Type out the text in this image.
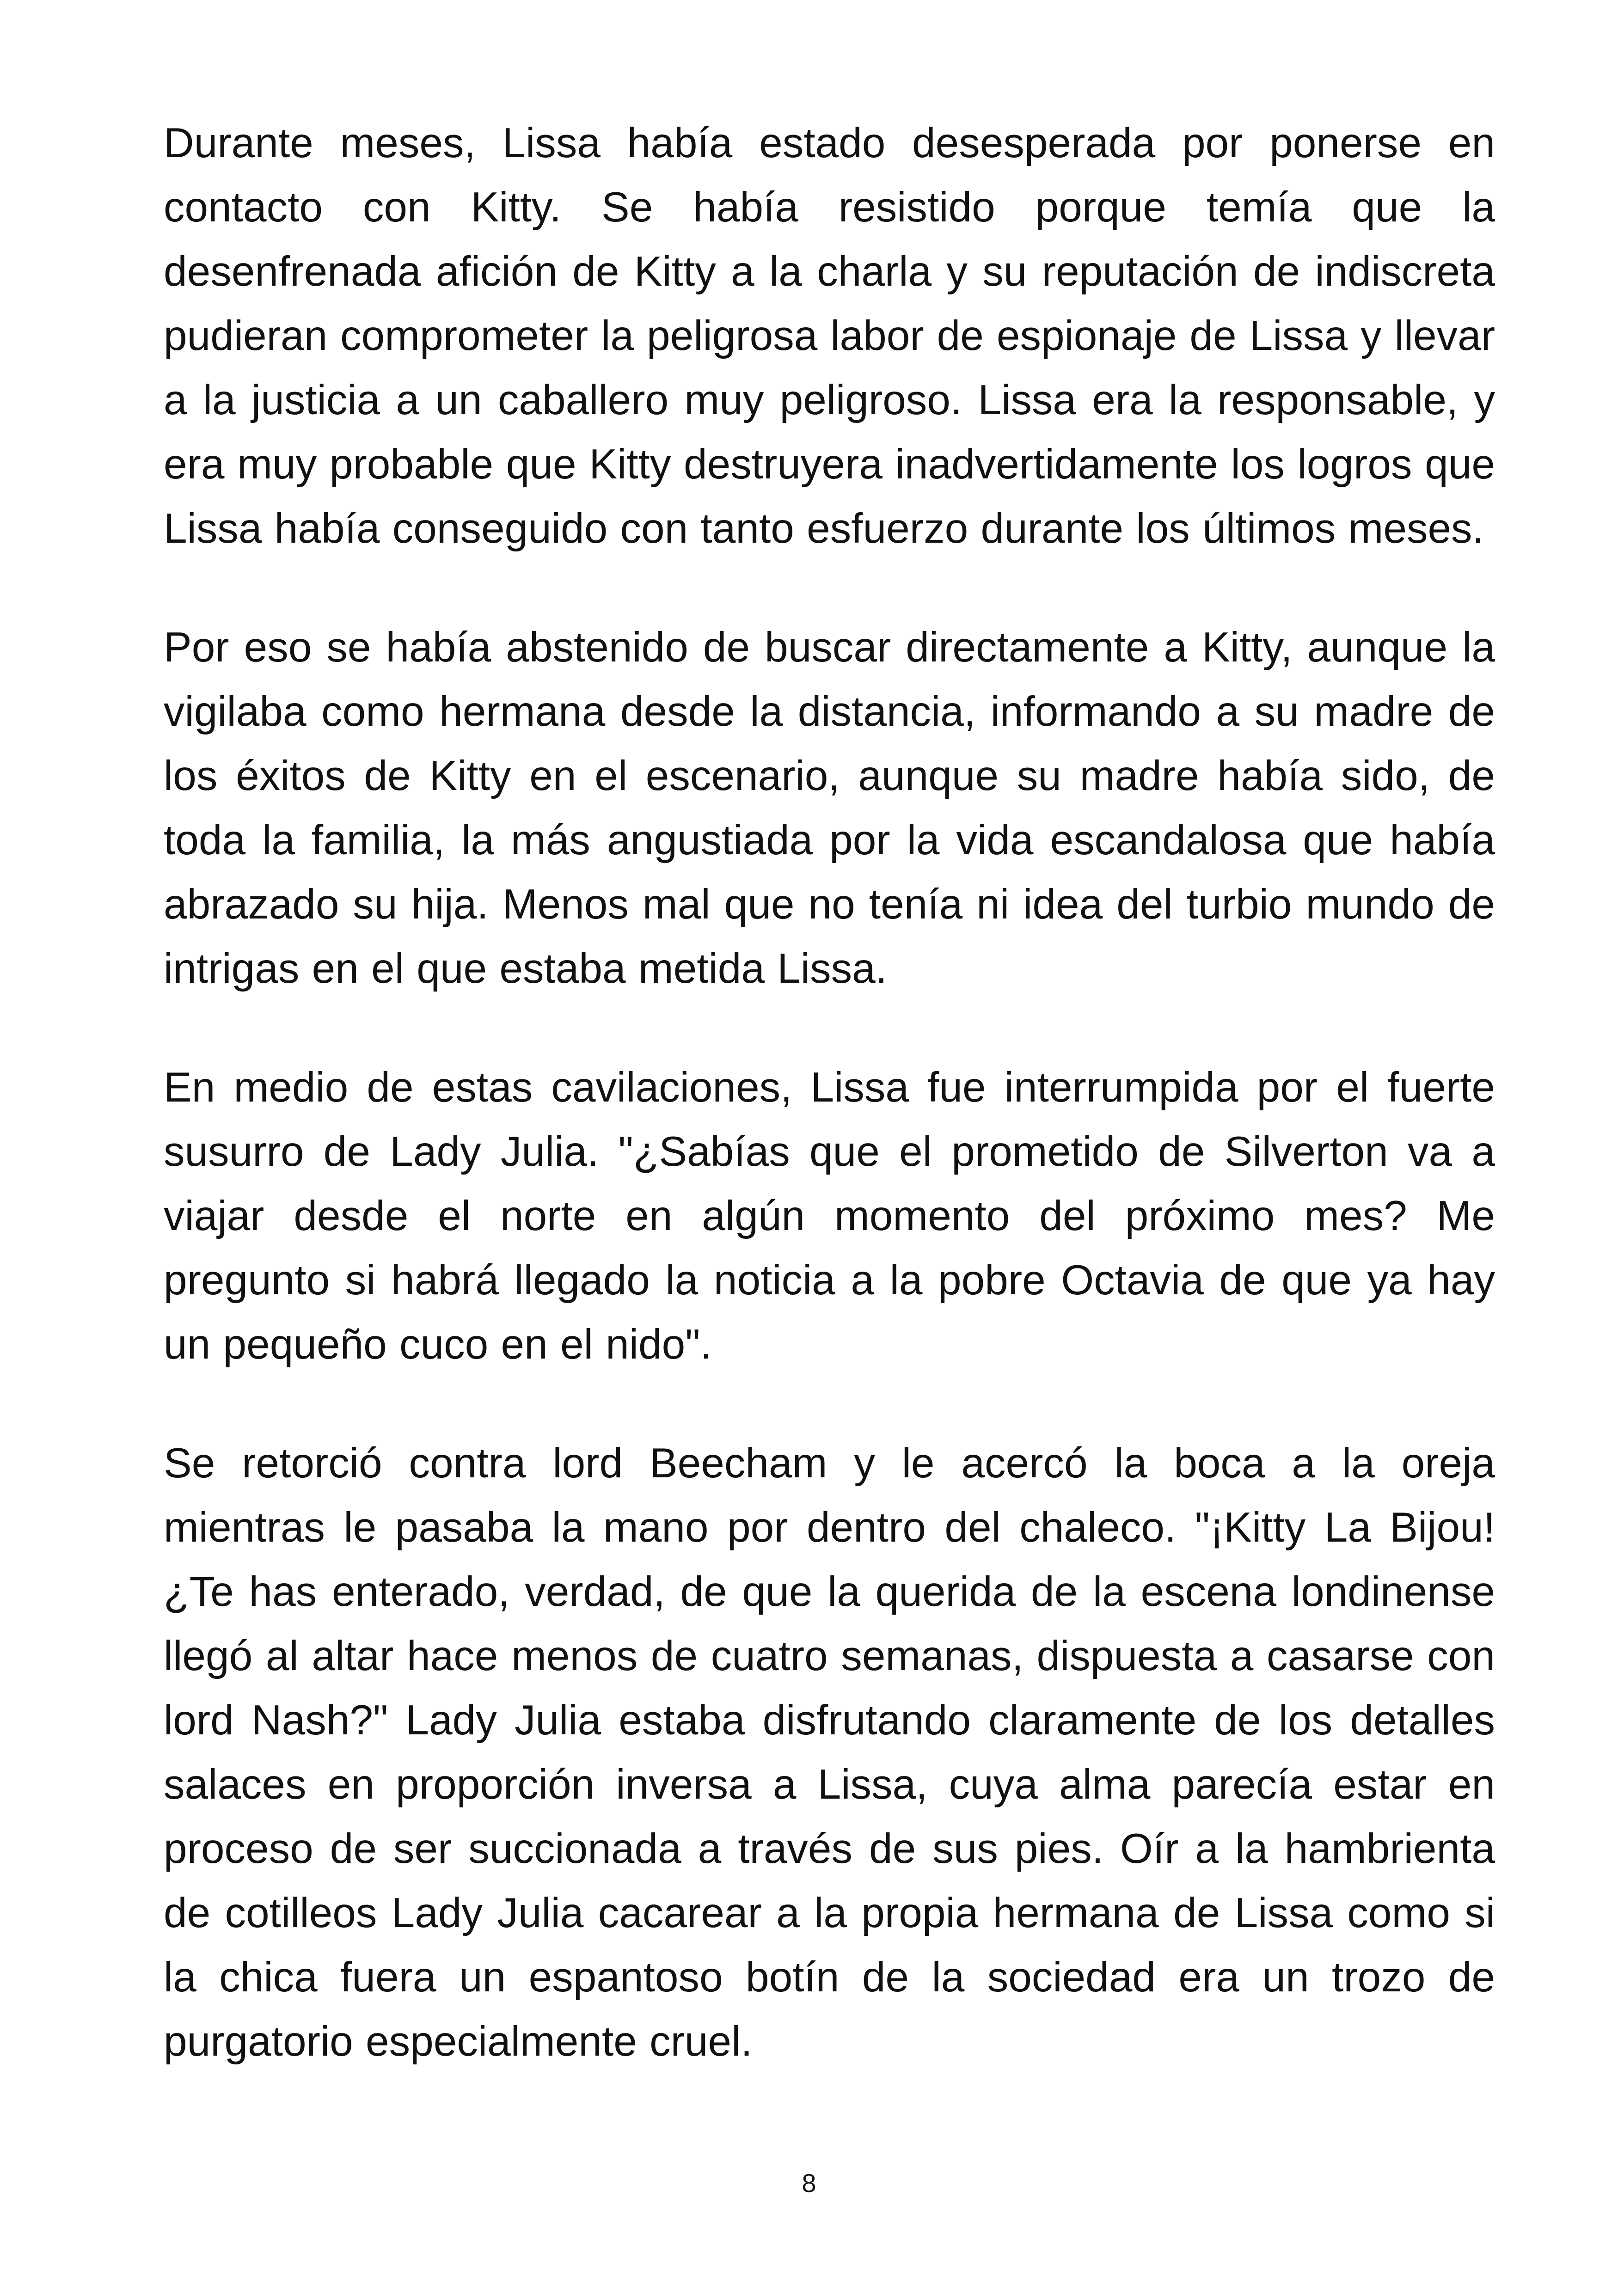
Durante meses, Lissa había estado desesperada por ponerse en contacto con Kitty. Se había resistido porque temía que la desenfrenada afición de Kitty a la charla y su reputación de indiscreta pudieran comprometer la peligrosa labor de espionaje de Lissa y llevar a la justicia a un caballero muy peligroso. Lissa era la responsable, y era muy probable que Kitty destruyera inadvertidamente los logros que Lissa había conseguido con tanto esfuerzo durante los últimos meses.

Por eso se había abstenido de buscar directamente a Kitty, aunque la vigilaba como hermana desde la distancia, informando a su madre de los éxitos de Kitty en el escenario, aunque su madre había sido, de toda la familia, la más angustiada por la vida escandalosa que había abrazado su hija. Menos mal que no tenía ni idea del turbio mundo de intrigas en el que estaba metida Lissa.

En medio de estas cavilaciones, Lissa fue interrumpida por el fuerte susurro de Lady Julia. "¿Sabías que el prometido de Silverton va a viajar desde el norte en algún momento del próximo mes? Me pregunto si habrá llegado la noticia a la pobre Octavia de que ya hay un pequeño cuco en el nido".

Se retorció contra lord Beecham y le acercó la boca a la oreja mientras le pasaba la mano por dentro del chaleco. "¡Kitty La Bijou! ¿Te has enterado, verdad, de que la querida de la escena londinense llegó al altar hace menos de cuatro semanas, dispuesta a casarse con lord Nash?" Lady Julia estaba disfrutando claramente de los detalles salaces en proporción inversa a Lissa, cuya alma parecía estar en proceso de ser succionada a través de sus pies. Oír a la hambrienta de cotilleos Lady Julia cacarear a la propia hermana de Lissa como si la chica fuera un espantoso botín de la sociedad era un trozo de purgatorio especialmente cruel.

8
